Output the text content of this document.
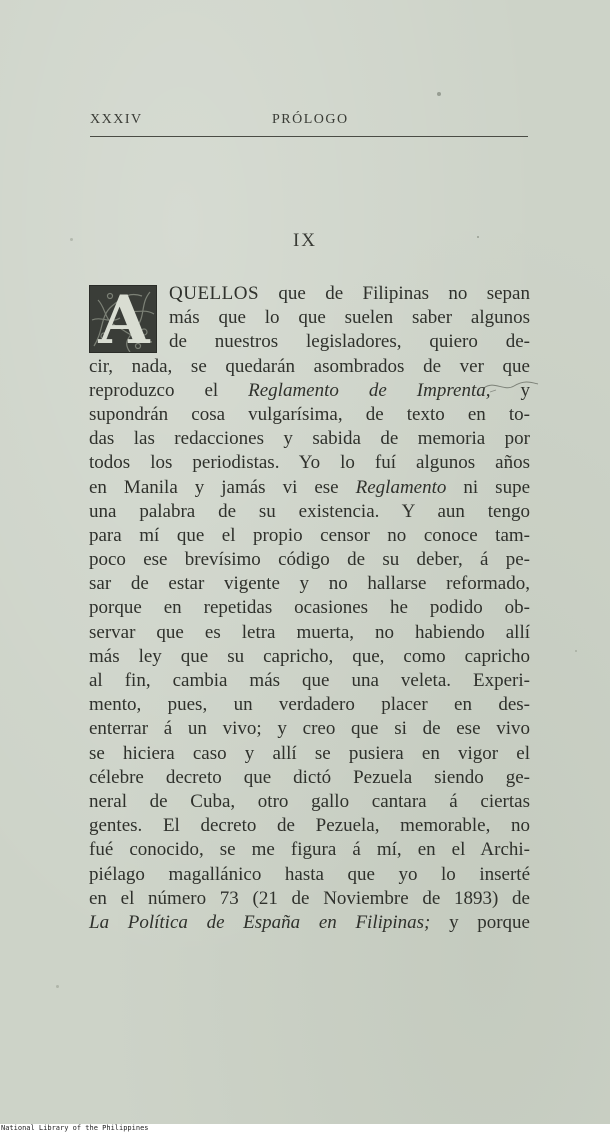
XXXIV	PRÓLOGO
IX
A	QUELLOS que de Filipinas no sepan
más que lo que suelen saber algunos
de nuestros legisladores, quiero de-
cir, nada, se quedarán asombrados de ver que
reproduzco el Reglamento de Imprenta, y
supondrán cosa vulgarísima, de texto en to-
das las redacciones y sabida de memoria por
todos los periodistas. Yo lo fuí algunos años
en Manila y jamás vi ese Reglamento ni supe
una palabra de su existencia. Y aun tengo
para mí que el propio censor no conoce tam-
poco ese brevísimo código de su deber, á pe-
sar de estar vigente y no hallarse reformado,
porque en repetidas ocasiones he podido ob-
servar que es letra muerta, no habiendo allí
más ley que su capricho, que, como capricho
al fin, cambia más que una veleta. Experi-
mento, pues, un verdadero placer en des-
enterrar á un vivo; y creo que si de ese vivo
se hiciera caso y allí se pusiera en vigor el
célebre decreto que dictó Pezuela siendo ge-
neral de Cuba, otro gallo cantara á ciertas
gentes. El decreto de Pezuela, memorable, no
fué conocido, se me figura á mí, en el Archi-
piélago magallánico hasta que yo lo inserté
en el número 73 (21 de Noviembre de 1893) de
La Política de España en Filipinas; y porque
National Library of the Philippines
